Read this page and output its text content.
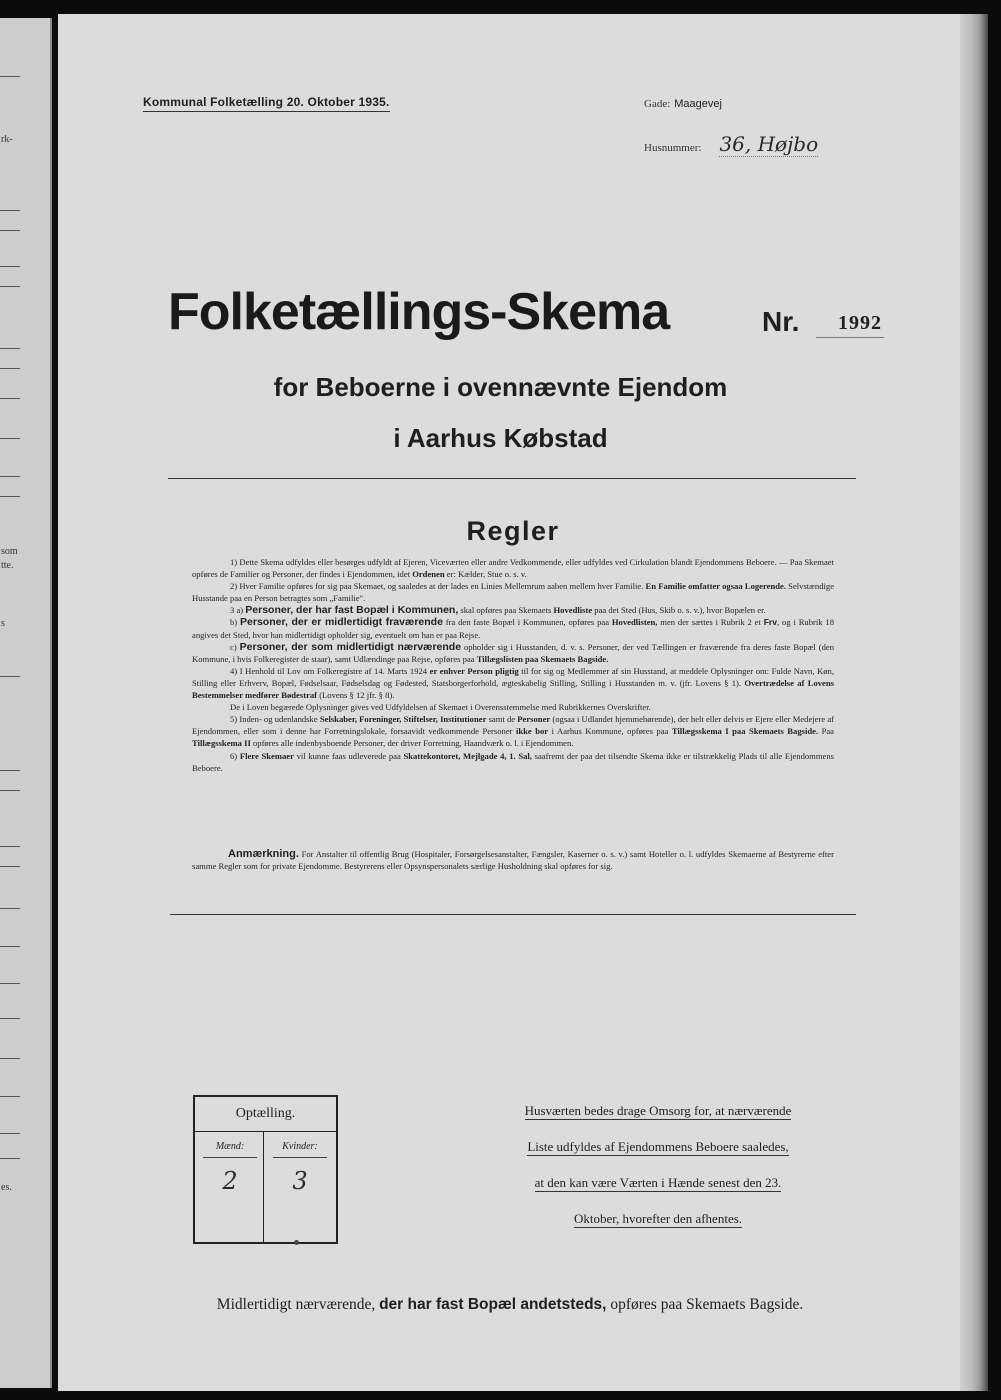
rk-
som
tte.
s
es.
Kommunal Folketælling 20. Oktober 1935.	Gade: Maagevej
Husnummer: 36, Højbo
Folketællings-Skema	Nr. 1992
for Beboerne i ovennævnte Ejendom
i Aarhus Købstad
Regler

1) Dette Skema udfyldes eller besørges udfyldt af Ejeren, Viceværten eller andre Vedkommende, eller udfyldes ved Cirkulation blandt Ejendommens Beboere. — Paa Skemaet opføres de Familier og Personer, der findes i Ejendommen, idet Ordenen er: Kælder, Stue o. s. v.

2) Hver Familie opføres for sig paa Skemaet, og saaledes at der lades en Linies Mellemrum aaben mellem hver Familie. En Familie omfatter ogsaa Logerende. Selvstændige Husstande paa en Person betragtes som „Familie".

3 a) Personer, der har fast Bopæl i Kommunen, skal opføres paa Skemaets Hovedliste paa det Sted (Hus, Skib o. s. v.), hvor Bopælen er.

b) Personer, der er midlertidigt fraværende fra den faste Bopæl i Kommunen, opføres paa Hovedlisten, men der sættes i Rubrik 2 et Frv, og i Rubrik 18 angives det Sted, hvor han midlertidigt opholder sig, eventuelt om han er paa Rejse.

c) Personer, der som midlertidigt nærværende opholder sig i Husstanden, d. v. s. Personer, der ved Tællingen er fraværende fra deres faste Bopæl (den Kommune, i hvis Folkeregister de staar), samt Udlændinge paa Rejse, opføres paa Tillægslisten paa Skemaets Bagside.

4) I Henhold til Lov om Folkeregistre af 14. Marts 1924 er enhver Person pligtig til for sig og Medlemmer af sin Husstand, at meddele Oplysninger om: Fulde Navn, Køn, Stilling eller Erhverv, Bopæl, Fødselsaar, Fødselsdag og Fødested, Statsborgerforhold, ægteskabelig Stilling, Stilling i Husstanden m. v. (jfr. Lovens § 1). Overtrædelse af Lovens Bestemmelser medfører Bødestraf (Lovens § 12 jfr. § 8).

De i Loven begærede Oplysninger gives ved Udfyldelsen af Skemaet i Overensstemmelse med Rubrikkernes Overskrifter.

5) Inden- og udenlandske Selskaber, Foreninger, Stiftelser, Institutioner samt de Personer (ogsaa i Udlandet hjemmehørende), der helt eller delvis er Ejere eller Medejere af Ejendommen, eller som i denne har Forretningslokale, forsaavidt vedkommende Personer ikke bor i Aarhus Kommune, opføres paa Tillægsskema I paa Skemaets Bagside. Paa Tillægsskema II opføres alle indenbysboende Personer, der driver Forretning, Haandværk o. l. i Ejendommen.

6) Flere Skemaer vil kunne faas udleverede paa Skattekontoret, Mejlgade 4, 1. Sal, saafremt der paa det tilsendte Skema ikke er tilstrækkelig Plads til alle Ejendommens Beboere.

Anmærkning. For Anstalter til offentlig Brug (Hospitaler, Forsørgelsesanstalter, Fængsler, Kaserner o. s. v.) samt Hoteller o. l. udfyldes Skemaerne af Bestyrerne efter samme Regler som for private Ejendomme. Bestyrerens eller Opsynspersonalets særlige Husholdning skal opføres for sig.

Optælling.
Mænd:
2
Kvinder:
3
Husværten bedes drage Omsorg for, at nærværende
Liste udfyldes af Ejendommens Beboere saaledes,
at den kan være Værten i Hænde senest den 23.
Oktober, hvorefter den afhentes.
Midlertidigt nærværende, der har fast Bopæl andetsteds, opføres paa Skemaets Bagside.
